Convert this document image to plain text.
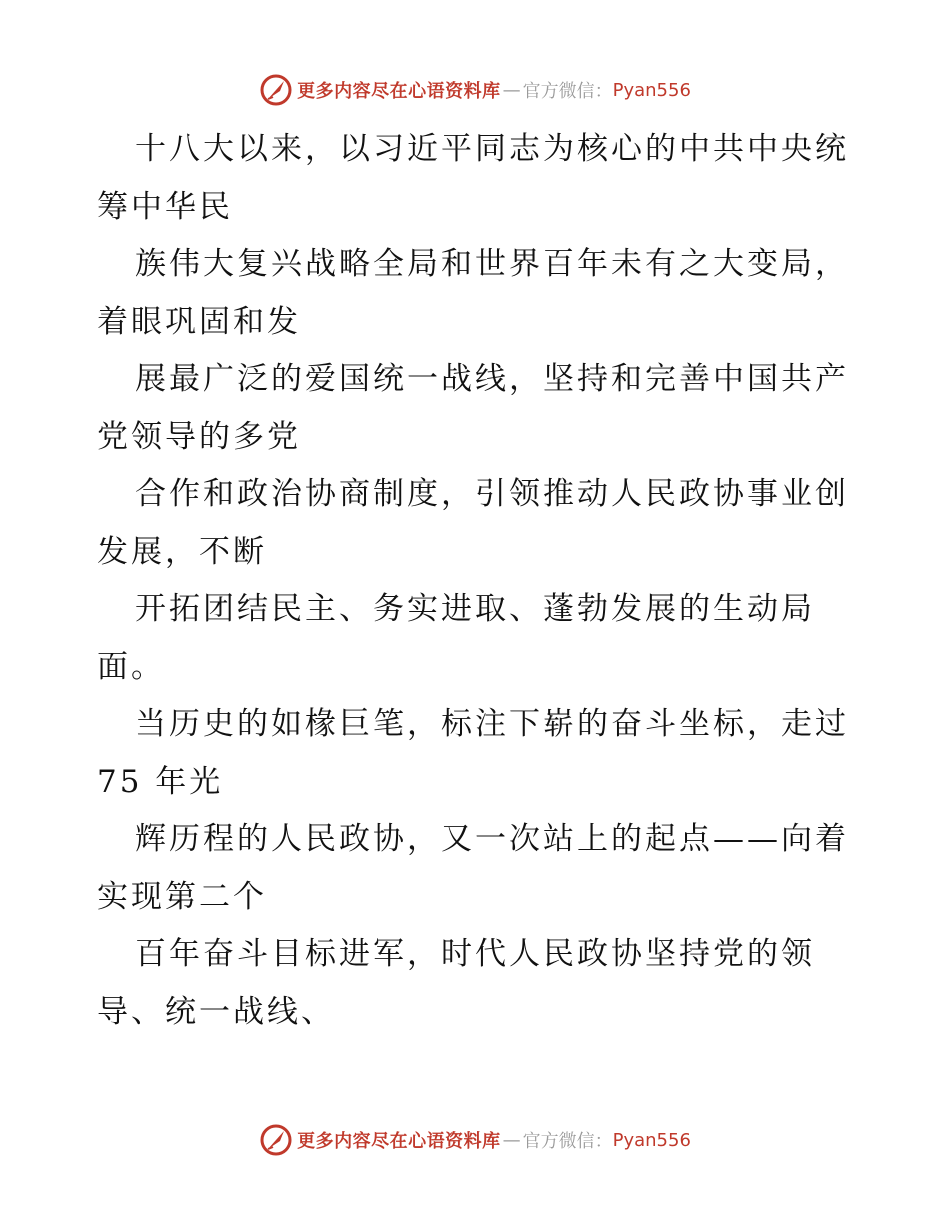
更多内容尽在心语资料库 — 官方微信： Pyan556
十八大以来，以习近平同志为核心的中共中央统
筹中华民
族伟大复兴战略全局和世界百年未有之大变局，
着眼巩固和发
展最广泛的爱国统一战线，坚持和完善中国共产
党领导的多党
合作和政治协商制度，引领推动人民政协事业创
发展，不断
开拓团结民主、务实进取、蓬勃发展的生动局
面。
当历史的如椽巨笔，标注下崭的奋斗坐标，走过
75 年光
辉历程的人民政协，又一次站上的起点——向着
实现第二个
百年奋斗目标进军，时代人民政协坚持党的领
导、统一战线、
更多内容尽在心语资料库 — 官方微信： Pyan556
